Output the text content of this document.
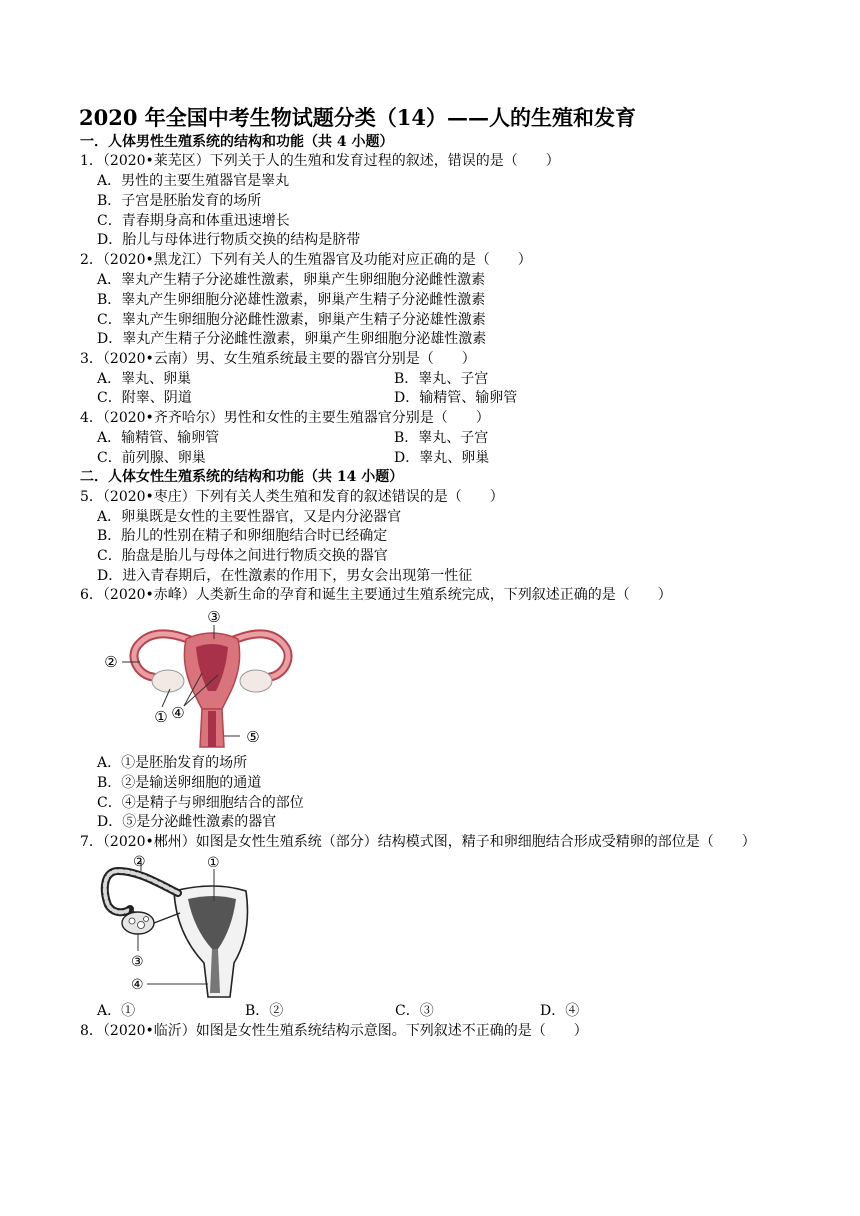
2020 年全国中考生物试题分类（14）——人的生殖和发育
一．人体男性生殖系统的结构和功能（共 4 小题）
1．（2020•莱芜区）下列关于人的生殖和发育过程的叙述，错误的是（　　）
A．男性的主要生殖器官是睾丸
B．子宫是胚胎发育的场所
C．青春期身高和体重迅速增长
D．胎儿与母体进行物质交换的结构是脐带
2．（2020•黑龙江）下列有关人的生殖器官及功能对应正确的是（　　）
A．睾丸产生精子分泌雄性激素，卵巢产生卵细胞分泌雌性激素
B．睾丸产生卵细胞分泌雄性激素，卵巢产生精子分泌雌性激素
C．睾丸产生卵细胞分泌雌性激素，卵巢产生精子分泌雄性激素
D．睾丸产生精子分泌雌性激素，卵巢产生卵细胞分泌雄性激素
3．（2020•云南）男、女生殖系统最主要的器官分别是（　　）
A．睾丸、卵巢	B．睾丸、子宫
C．附睾、阴道	D．输精管、输卵管
4．（2020•齐齐哈尔）男性和女性的主要生殖器官分别是（　　）
A．输精管、输卵管	B．睾丸、子宫
C．前列腺、卵巢	D．睾丸、卵巢
二．人体女性生殖系统的结构和功能（共 14 小题）
5．（2020•枣庄）下列有关人类生殖和发育的叙述错误的是（　　）
A．卵巢既是女性的主要性器官，又是内分泌器官
B．胎儿的性别在精子和卵细胞结合时已经确定
C．胎盘是胎儿与母体之间进行物质交换的器官
D．进入青春期后，在性激素的作用下，男女会出现第一性征
6．（2020•赤峰）人类新生命的孕育和诞生主要通过生殖系统完成，下列叙述正确的是（　　）
③
②
① ④
⑤
A．①是胚胎发育的场所
B．②是输送卵细胞的通道
C．④是精子与卵细胞结合的部位
D．⑤是分泌雌性激素的器官
7．（2020•郴州）如图是女性生殖系统（部分）结构模式图，精子和卵细胞结合形成受精卵的部位是（　　）
②	①
③
④
A．①	B．②	C．③	D．④
8．（2020•临沂）如图是女性生殖系统结构示意图。下列叙述不正确的是（　　）
